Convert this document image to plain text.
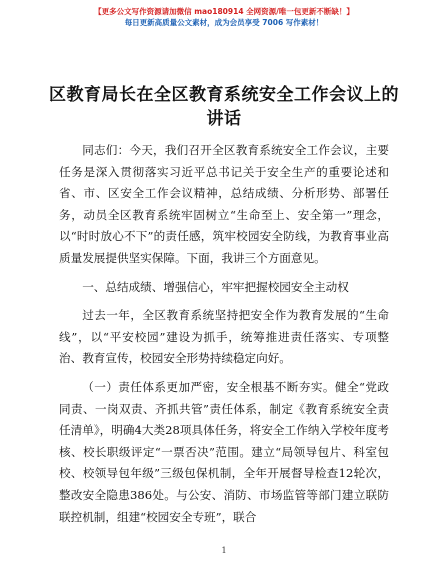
【更多公文写作资源请加微信 mao180914 全网资源/唯一包更新不断缺！】
每日更新高质量公文素材，成为会员享受 7006 写作素材！
区教育局长在全区教育系统安全工作会议上的
讲话

同志们：今天，我们召开全区教育系统安全工作会议，主要任务是深入贯彻落实习近平总书记关于安全生产的重要论述和省、市、区安全工作会议精神，总结成绩、分析形势、部署任务，动员全区教育系统牢固树立“生命至上、安全第一”理念，以“时时放心不下”的责任感，筑牢校园安全防线，为教育事业高质量发展提供坚实保障。下面，我讲三个方面意见。

一、总结成绩、增强信心，牢牢把握校园安全主动权

过去一年，全区教育系统坚持把安全作为教育发展的“生命线”，以“平安校园”建设为抓手，统筹推进责任落实、专项整治、教育宣传，校园安全形势持续稳定向好。

（一）责任体系更加严密，安全根基不断夯实。健全“党政同责、一岗双责、齐抓共管”责任体系，制定《教育系统安全责任清单》，明确4大类28项具体任务，将安全工作纳入学校年度考核、校长职级评定“一票否决”范围。建立“局领导包片、科室包校、校领导包年级”三级包保机制，全年开展督导检查12轮次，整改安全隐患386处。与公安、消防、市场监管等部门建立联防联控机制，组建“校园安全专班”，联合

1
